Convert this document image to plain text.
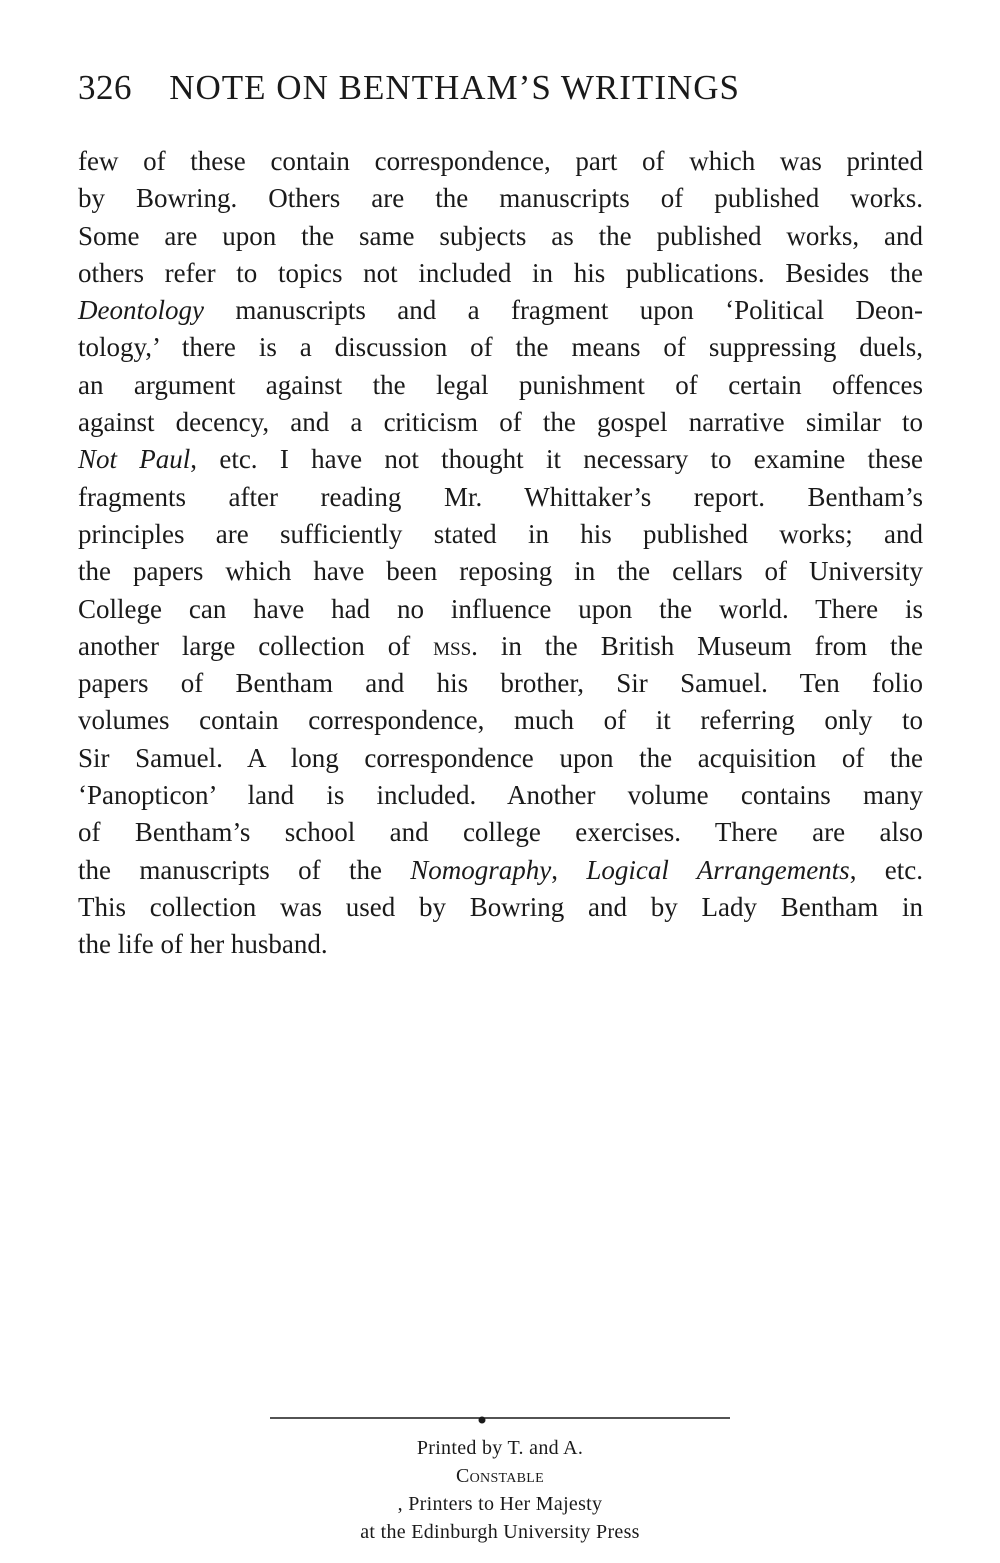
326 NOTE ON BENTHAM’S WRITINGS
few of these contain correspondence, part of which was printed
by Bowring. Others are the manuscripts of published works.
Some are upon the same subjects as the published works, and
others refer to topics not included in his publications. Besides the
Deontology manuscripts and a fragment upon ‘Political Deon-
tology,’ there is a discussion of the means of suppressing duels,
an argument against the legal punishment of certain offences
against decency, and a criticism of the gospel narrative similar to
Not Paul, etc. I have not thought it necessary to examine these
fragments after reading Mr. Whittaker’s report. Bentham’s
principles are sufficiently stated in his published works; and
the papers which have been reposing in the cellars of University
College can have had no influence upon the world. There is
another large collection of mss. in the British Museum from the
papers of Bentham and his brother, Sir Samuel. Ten folio
volumes contain correspondence, much of it referring only to
Sir Samuel. A long correspondence upon the acquisition of the
‘Panopticon’ land is included. Another volume contains many
of Bentham’s school and college exercises. There are also
the manuscripts of the Nomography, Logical Arrangements, etc.
This collection was used by Bowring and by Lady Bentham in
the life of her husband.
Printed by T. and A.
Constable
, Printers to Her Majesty
at the Edinburgh University Press
